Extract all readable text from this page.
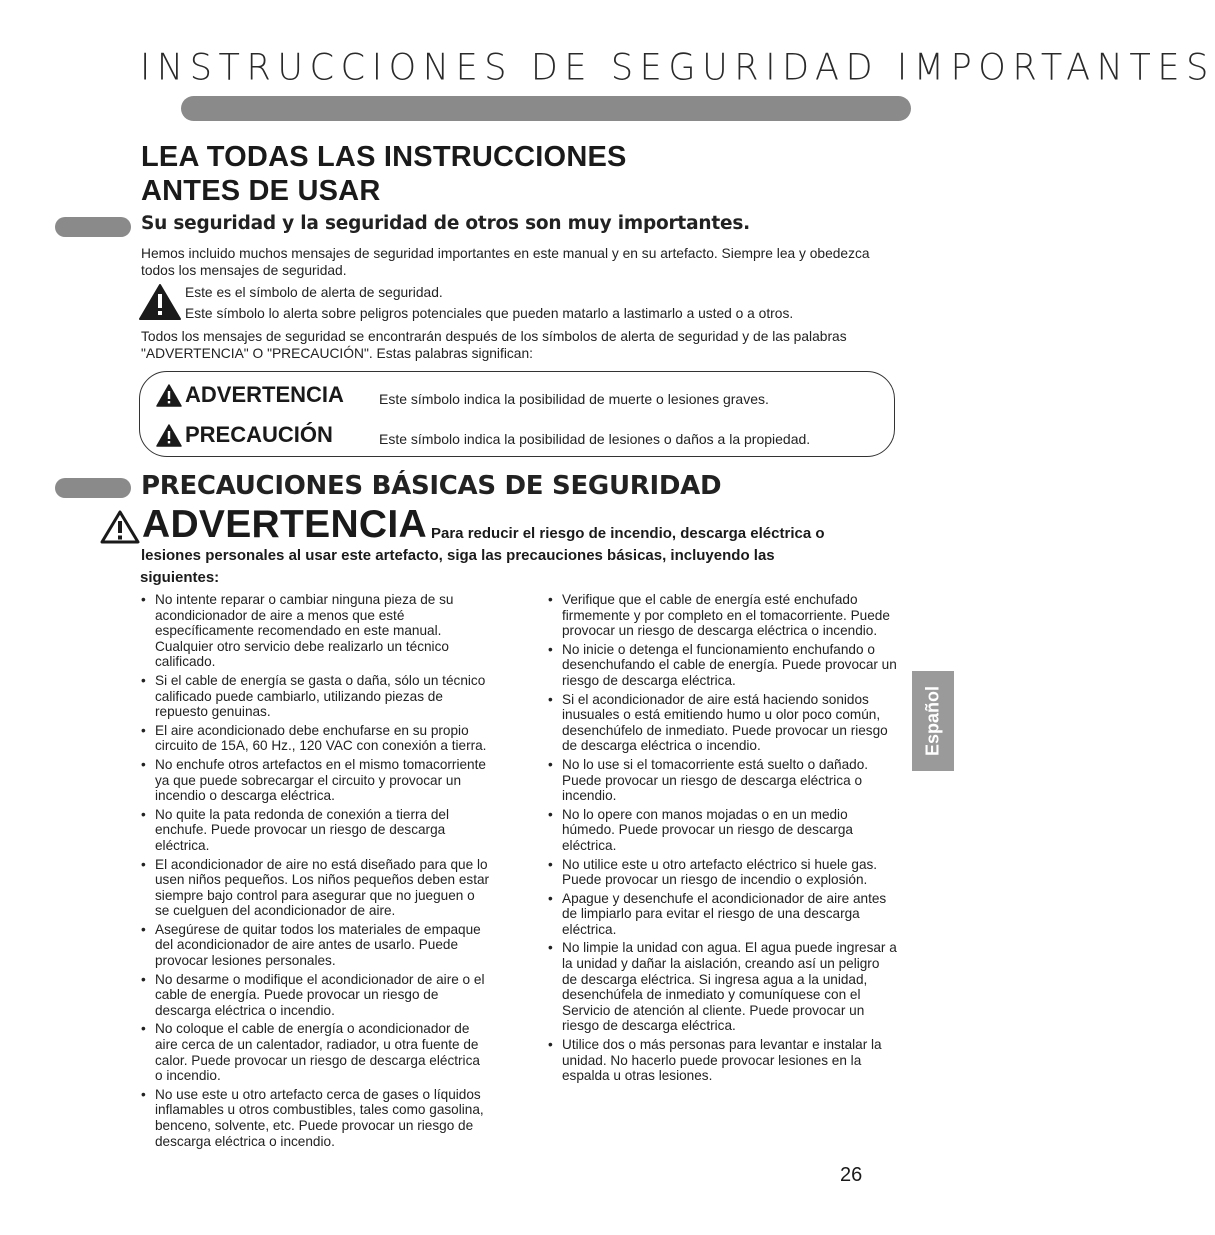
INSTRUCCIONES DE SEGURIDAD IMPORTANTES
LEA TODAS LAS INSTRUCCIONES
ANTES DE USAR
Su seguridad y la seguridad de otros son muy importantes.
Hemos incluido muchos mensajes de seguridad importantes en este manual y en su artefacto. Siempre lea y obedezca todos los mensajes de seguridad.
Este es el símbolo de alerta de seguridad.
Este símbolo lo alerta sobre peligros potenciales que pueden matarlo a lastimarlo a usted o a otros.
Todos los mensajes de seguridad se encontrarán después de los símbolos de alerta de seguridad y de las palabras "ADVERTENCIA" O "PRECAUCIÓN". Estas palabras significan:
ADVERTENCIA	Este símbolo indica la posibilidad de muerte o lesiones graves.
PRECAUCIÓN	Este símbolo indica la posibilidad de lesiones o daños a la propiedad.
PRECAUCIONES BÁSICAS DE SEGURIDAD
ADVERTENCIA Para reducir el riesgo de incendio, descarga eléctrica o
lesiones personales al usar este artefacto, siga las precauciones básicas, incluyendo las
siguientes:
• No intente reparar o cambiar ninguna pieza de su acondicionador de aire a menos que esté específicamente recomendado en este manual. Cualquier otro servicio debe realizarlo un técnico calificado.
• Si el cable de energía se gasta o daña, sólo un técnico calificado puede cambiarlo, utilizando piezas de repuesto genuinas.
• El aire acondicionado debe enchufarse en su propio circuito de 15A, 60 Hz., 120 VAC con conexión a tierra.
• No enchufe otros artefactos en el mismo tomacorriente ya que puede sobrecargar el circuito y provocar un incendio o descarga eléctrica.
• No quite la pata redonda de conexión a tierra del enchufe. Puede provocar un riesgo de descarga eléctrica.
• El acondicionador de aire no está diseñado para que lo usen niños pequeños. Los niños pequeños deben estar siempre bajo control para asegurar que no jueguen o se cuelguen del acondicionador de aire.
• Asegúrese de quitar todos los materiales de empaque del acondicionador de aire antes de usarlo. Puede provocar lesiones personales.
• No desarme o modifique el acondicionador de aire o el cable de energía. Puede provocar un riesgo de descarga eléctrica o incendio.
• No coloque el cable de energía o acondicionador de aire cerca de un calentador, radiador, u otra fuente de calor. Puede provocar un riesgo de descarga eléctrica o incendio.
• No use este u otro artefacto cerca de gases o líquidos inflamables u otros combustibles, tales como gasolina, benceno, solvente, etc. Puede provocar un riesgo de descarga eléctrica o incendio.
• Verifique que el cable de energía esté enchufado firmemente y por completo en el tomacorriente. Puede provocar un riesgo de descarga eléctrica o incendio.
• No inicie o detenga el funcionamiento enchufando o desenchufando el cable de energía. Puede provocar un riesgo de descarga eléctrica.
• Si el acondicionador de aire está haciendo sonidos inusuales o está emitiendo humo u olor poco común, desenchúfelo de inmediato. Puede provocar un riesgo de descarga eléctrica o incendio.
• No lo use si el tomacorriente está suelto o dañado. Puede provocar un riesgo de descarga eléctrica o incendio.
• No lo opere con manos mojadas o en un medio húmedo. Puede provocar un riesgo de descarga eléctrica.
• No utilice este u otro artefacto eléctrico si huele gas. Puede provocar un riesgo de incendio o explosión.
• Apague y desenchufe el acondicionador de aire antes de limpiarlo para evitar el riesgo de una descarga eléctrica.
• No limpie la unidad con agua. El agua puede ingresar a la unidad y dañar la aislación, creando así un peligro de descarga eléctrica. Si ingresa agua a la unidad, desenchúfela de inmediato y comuníquese con el Servicio de atención al cliente. Puede provocar un riesgo de descarga eléctrica.
• Utilice dos o más personas para levantar e instalar la unidad. No hacerlo puede provocar lesiones en la espalda u otras lesiones.
Español
26
